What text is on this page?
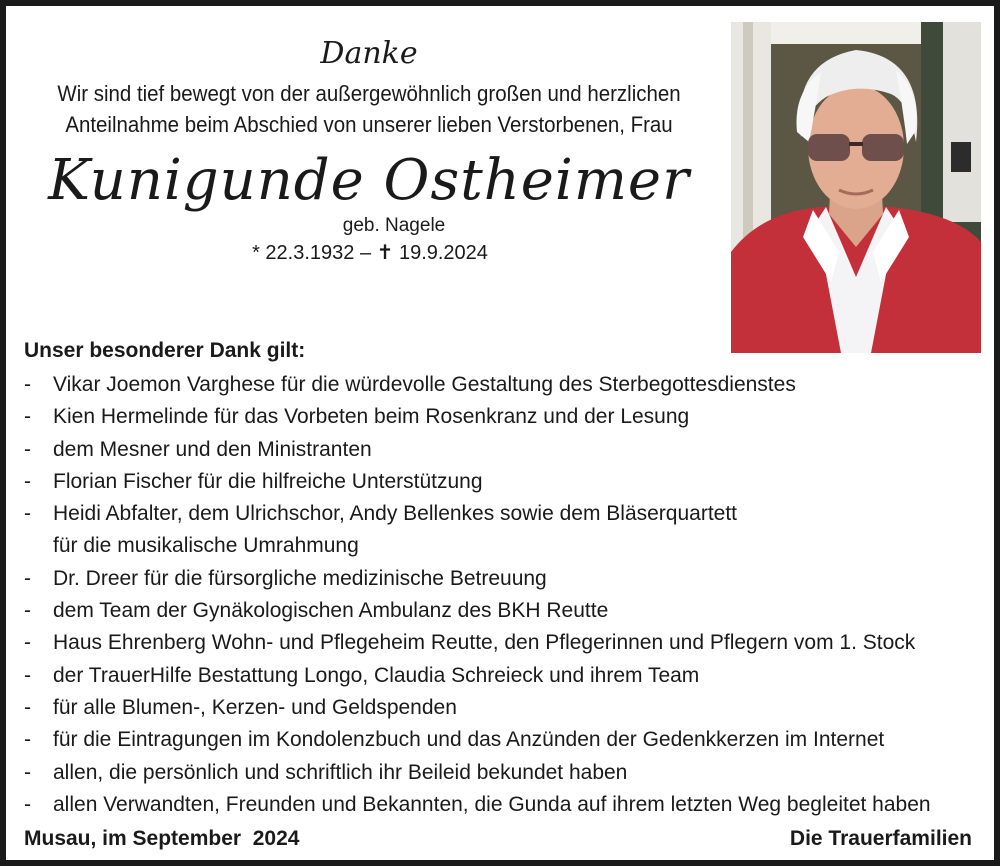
Danke

Wir sind tief bewegt von der außergewöhnlich großen und herzlichen
Anteilnahme beim Abschied von unserer lieben Verstorbenen, Frau

Kunigunde Ostheimer

geb. Nagele

* 22.3.1932 – ✝ 19.9.2024

Unser besonderer Dank gilt:

- Vikar Joemon Varghese für die würdevolle Gestaltung des Sterbegottesdienstes
- Kien Hermelinde für das Vorbeten beim Rosenkranz und der Lesung
- dem Mesner und den Ministranten
- Florian Fischer für die hilfreiche Unterstützung
- Heidi Abfalter, dem Ulrichschor, Andy Bellenkes sowie dem Bläserquartett
für die musikalische Umrahmung
- Dr. Dreer für die fürsorgliche medizinische Betreuung
- dem Team der Gynäkologischen Ambulanz des BKH Reutte
- Haus Ehrenberg Wohn- und Pflegeheim Reutte, den Pflegerinnen und Pflegern vom 1. Stock
- der TrauerHilfe Bestattung Longo, Claudia Schreieck und ihrem Team
- für alle Blumen-, Kerzen- und Geldspenden
- für die Eintragungen im Kondolenzbuch und das Anzünden der Gedenkkerzen im Internet
- allen, die persönlich und schriftlich ihr Beileid bekundet haben
- allen Verwandten, Freunden und Bekannten, die Gunda auf ihrem letzten Weg begleitet haben
Musau, im September  2024	Die Trauerfamilien
